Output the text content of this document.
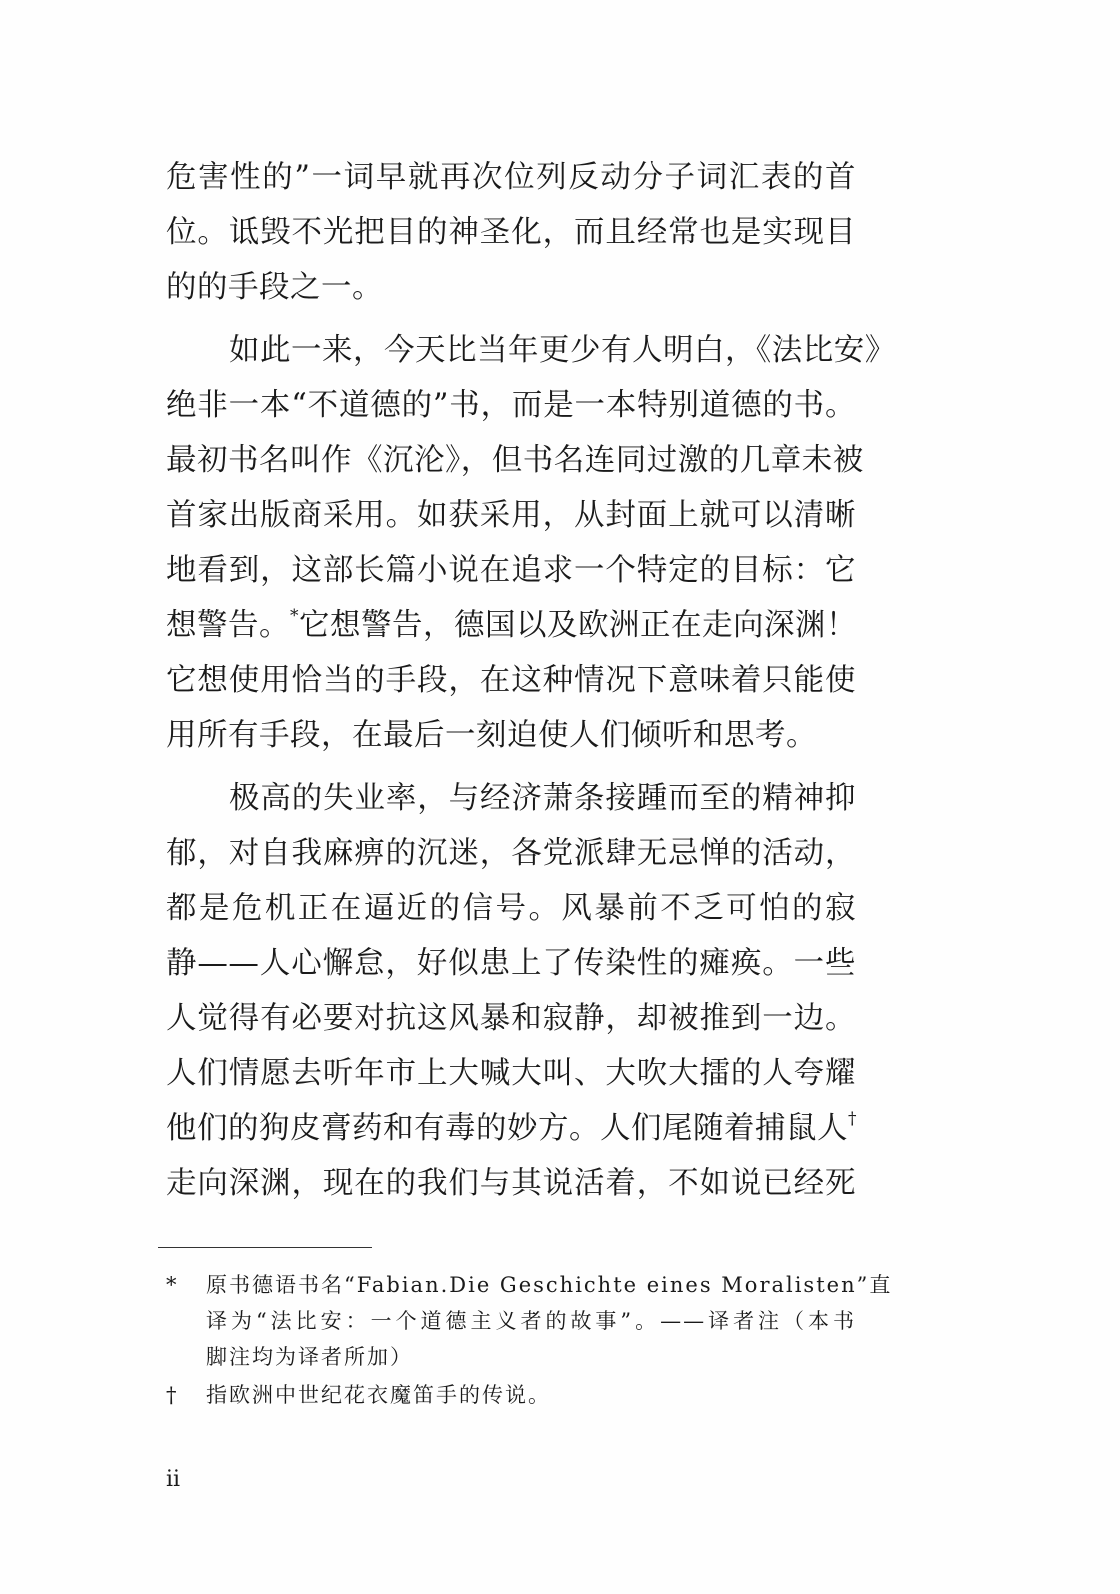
危害性的”一词早就再次位列反动分子词汇表的首
位。诋毁不光把目的神圣化，而且经常也是实现目
的的手段之一。
如此一来，今天比当年更少有人明白，《法比安》
绝非一本“不道德的”书，而是一本特别道德的书。
最初书名叫作《沉沦》，但书名连同过激的几章未被
首家出版商采用。如获采用，从封面上就可以清晰
地看到，这部长篇小说在追求一个特定的目标：它
想警告。*它想警告，德国以及欧洲正在走向深渊！
它想使用恰当的手段，在这种情况下意味着只能使
用所有手段，在最后一刻迫使人们倾听和思考。
极高的失业率，与经济萧条接踵而至的精神抑
郁，对自我麻痹的沉迷，各党派肆无忌惮的活动，
都是危机正在逼近的信号。风暴前不乏可怕的寂
静——人心懈怠，好似患上了传染性的瘫痪。一些
人觉得有必要对抗这风暴和寂静，却被推到一边。
人们情愿去听年市上大喊大叫、大吹大擂的人夸耀
他们的狗皮膏药和有毒的妙方。人们尾随着捕鼠人†
走向深渊，现在的我们与其说活着，不如说已经死
*	原书德语书名“Fabian.Die Geschichte eines Moralisten”直
译为“法比安：一个道德主义者的故事”。——译者注（本书
脚注均为译者所加）
†	指欧洲中世纪花衣魔笛手的传说。
ii
